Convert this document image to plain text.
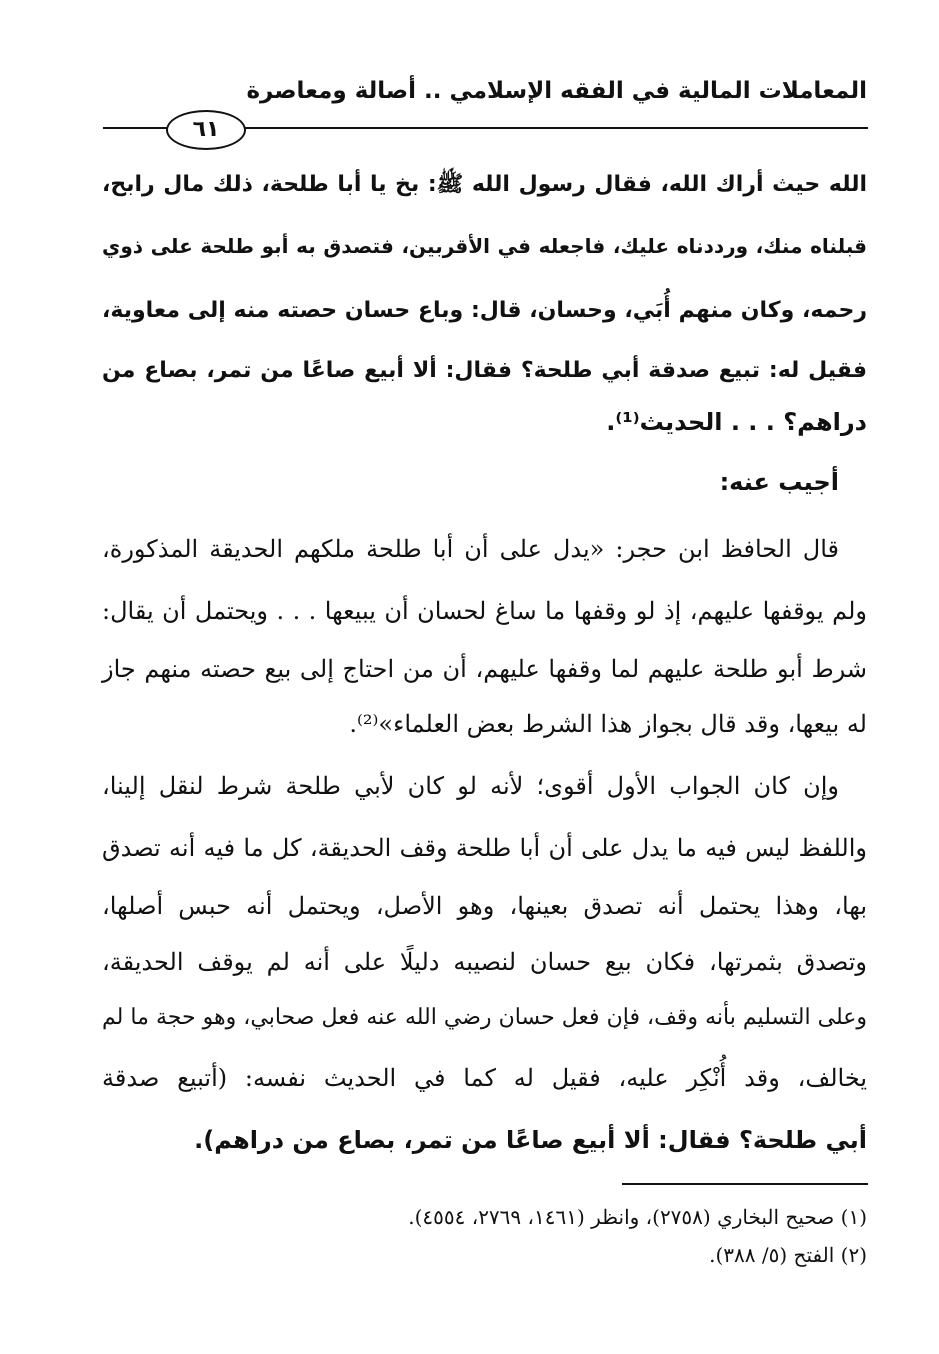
المعاملات المالية في الفقه الإسلامي .. أصالة ومعاصرة
٦١
الله حيث أراك الله، فقال رسول الله ﷺ: بخ يا أبا طلحة، ذلك مال رابح،
قبلناه منك، ورددناه عليك، فاجعله في الأقربين، فتصدق به أبو طلحة على ذوي
رحمه، وكان منهم أُبَي، وحسان، قال: وباع حسان حصته منه إلى معاوية،
فقيل له: تبيع صدقة أبي طلحة؟ فقال: ألا أبيع صاعًا من تمر، بصاع من
دراهم؟ . . . الحديث⁽¹⁾.
أجيب عنه:
قال الحافظ ابن حجر: «يدل على أن أبا طلحة ملكهم الحديقة المذكورة،
ولم يوقفها عليهم، إذ لو وقفها ما ساغ لحسان أن يبيعها . . . ويحتمل أن يقال:
شرط أبو طلحة عليهم لما وقفها عليهم، أن من احتاج إلى بيع حصته منهم جاز
له بيعها، وقد قال بجواز هذا الشرط بعض العلماء»⁽²⁾.
وإن كان الجواب الأول أقوى؛ لأنه لو كان لأبي طلحة شرط لنقل إلينا،
واللفظ ليس فيه ما يدل على أن أبا طلحة وقف الحديقة، كل ما فيه أنه تصدق
بها، وهذا يحتمل أنه تصدق بعينها، وهو الأصل، ويحتمل أنه حبس أصلها،
وتصدق بثمرتها، فكان بيع حسان لنصيبه دليلًا على أنه لم يوقف الحديقة،
وعلى التسليم بأنه وقف، فإن فعل حسان رضي الله عنه فعل صحابي، وهو حجة ما لم
يخالف، وقد أُنْكِر عليه، فقيل له كما في الحديث نفسه: (أتبيع صدقة
أبي طلحة؟ فقال: ألا أبيع صاعًا من تمر، بصاع من دراهم).
(١) صحيح البخاري (٢٧٥٨)، وانظر (١٤٦١، ٢٧٦٩، ٤٥٥٤).
(٢) الفتح (٥/ ٣٨٨).
